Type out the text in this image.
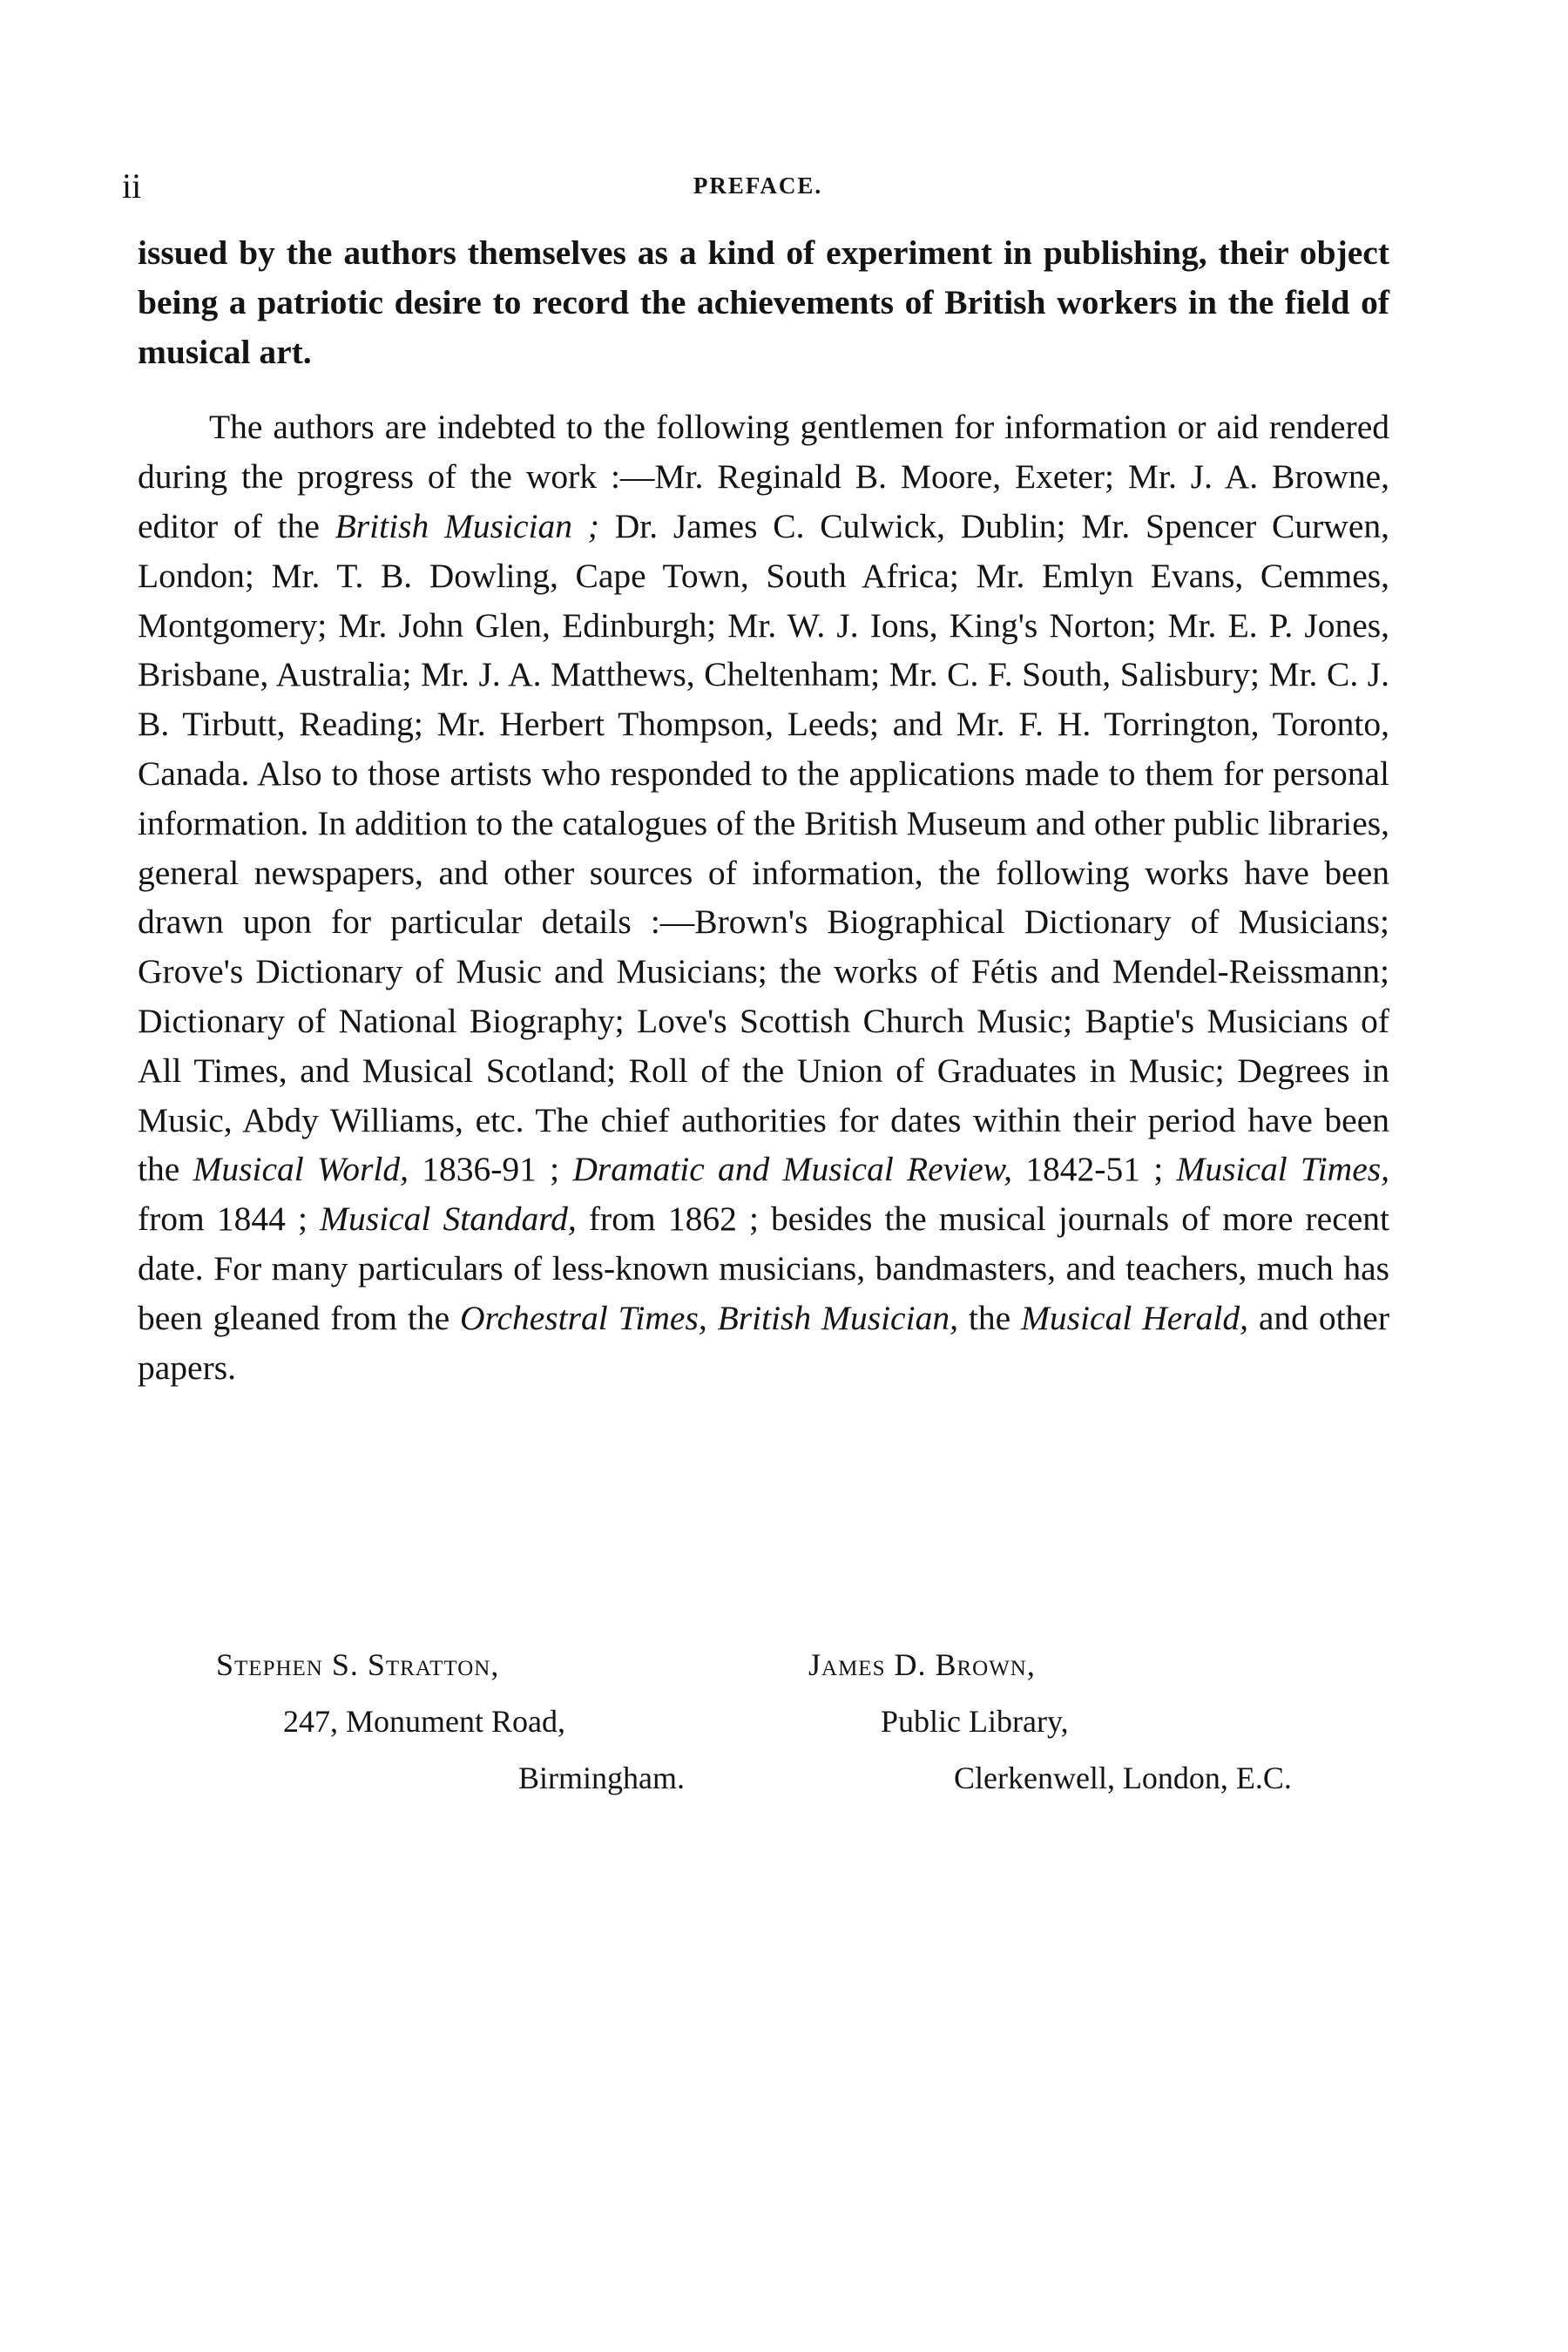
ii	PREFACE.

issued by the authors themselves as a kind of experiment in publishing, their object being a patriotic desire to record the achievements of British workers in the field of musical art.

The authors are indebted to the following gentlemen for information or aid rendered during the progress of the work :—Mr. Reginald B. Moore, Exeter; Mr. J. A. Browne, editor of the British Musician ; Dr. James C. Culwick, Dublin; Mr. Spencer Curwen, London; Mr. T. B. Dowling, Cape Town, South Africa; Mr. Emlyn Evans, Cemmes, Montgomery; Mr. John Glen, Edinburgh; Mr. W. J. Ions, King's Norton; Mr. E. P. Jones, Brisbane, Australia; Mr. J. A. Matthews, Cheltenham; Mr. C. F. South, Salisbury; Mr. C. J. B. Tirbutt, Reading; Mr. Herbert Thompson, Leeds; and Mr. F. H. Torrington, Toronto, Canada. Also to those artists who responded to the applications made to them for personal information. In addition to the catalogues of the British Museum and other public libraries, general newspapers, and other sources of information, the following works have been drawn upon for particular details :—Brown's Biographical Dictionary of Musicians; Grove's Dictionary of Music and Musicians; the works of Fétis and Mendel-Reissmann; Dictionary of National Biography; Love's Scottish Church Music; Baptie's Musicians of All Times, and Musical Scotland; Roll of the Union of Graduates in Music; Degrees in Music, Abdy Williams, etc. The chief authorities for dates within their period have been the Musical World, 1836-91 ; Dramatic and Musical Review, 1842-51 ; Musical Times, from 1844 ; Musical Standard, from 1862 ; besides the musical journals of more recent date. For many particulars of less-known musicians, bandmasters, and teachers, much has been gleaned from the Orchestral Times, British Musician, the Musical Herald, and other papers.

Stephen S. Stratton,
247, Monument Road,
Birmingham.
James D. Brown,
Public Library,
Clerkenwell, London, E.C.
